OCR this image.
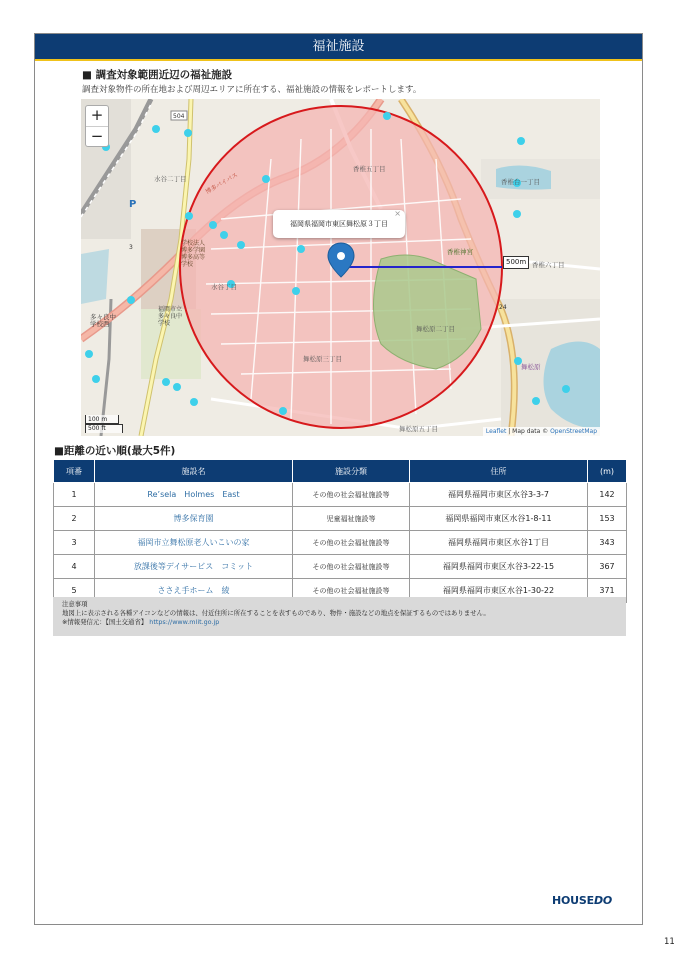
福祉施設
■ 調査対象範囲近辺の福祉施設
調査対象物件の所在地および周辺エリアに所在する、福祉施設の情報をレポートします。
水谷二丁目
水谷丁目
香椎五丁目
香椎台一丁目
香椎六丁目
香椎神宮
舞松原二丁目
舞松原三丁目
舞松原五丁目
舞松原
多々良中学校西
学校法人博多学園博多高等学校
福岡市立多々良中学校
P
博多バイパス
504
3
24
+
−
福岡県福岡市東区舞松原３丁目
×
500m
100 m
500 ft	Leaflet | Map data © OpenStreetMap
■距離の近い順(最大5件)
項番	施設名	施設分類	住所	(m)
1	Re’sela　Holmes　East	その他の社会福祉施設等	福岡県福岡市東区水谷3-3-7	142
2	博多保育園	児童福祉施設等	福岡県福岡市東区水谷1-8-11	153
3	福岡市立舞松原老人いこいの家	その他の社会福祉施設等	福岡県福岡市東区水谷1丁目	343
4	放課後等デイサービス　コミット	その他の社会福祉施設等	福岡県福岡市東区水谷3-22-15	367
5	ささえ手ホーム　綾	その他の社会福祉施設等	福岡県福岡市東区水谷1-30-22	371
注意事項
地図上に表示される各種アイコンなどの情報は、付近住所に所在することを表すものであり、物件・施設などの地点を保証するものではありません。
※情報発信元：【国土交通省】 https://www.mlit.go.jp
HOUSEDO
11
